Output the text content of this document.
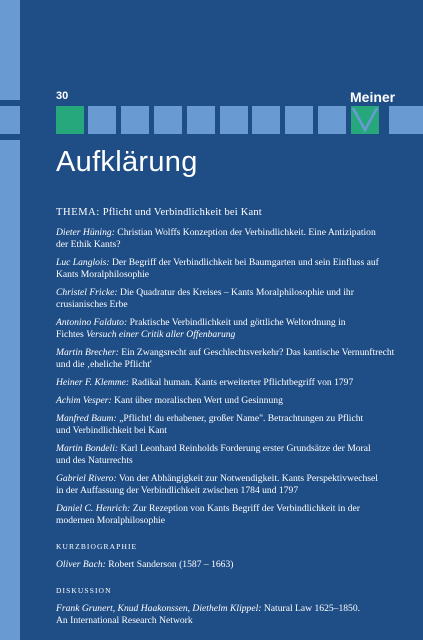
30	Meiner
Aufklärung
THEMA: Pflicht und Verbindlichkeit bei Kant
Dieter Hüning: Christian Wolffs Konzeption der Verbindlichkeit. Eine Antizipation
der Ethik Kants?
Luc Langlois: Der Begriff der Verbindlichkeit bei Baumgarten und sein Einfluss auf
Kants Moralphilosophie
Christel Fricke: Die Quadratur des Kreises – Kants Moralphilosophie und ihr
crusianisches Erbe
Antonino Falduto: Praktische Verbindlichkeit und göttliche Weltordnung in
Fichtes Versuch einer Critik aller Offenbarung
Martin Brecher: Ein Zwangsrecht auf Geschlechtsverkehr? Das kantische Vernunftrecht
und die ‚eheliche Pflicht'
Heiner F. Klemme: Radikal human. Kants erweiterter Pflichtbegriff von 1797
Achim Vesper: Kant über moralischen Wert und Gesinnung
Manfred Baum: „Pflicht! du erhabener, großer Name". Betrachtungen zu Pflicht
und Verbindlichkeit bei Kant
Martin Bondeli: Karl Leonhard Reinholds Forderung erster Grundsätze der Moral
und des Naturrechts
Gabriel Rivero: Von der Abhängigkeit zur Notwendigkeit. Kants Perspektivwechsel
in der Auffassung der Verbindlichkeit zwischen 1784 und 1797
Daniel C. Henrich: Zur Rezeption von Kants Begriff der Verbindlichkeit in der
modernen Moralphilosophie
KURZBIOGRAPHIE
Oliver Bach: Robert Sanderson (1587 – 1663)
DISKUSSION
Frank Grunert, Knud Haakonssen, Diethelm Klippel: Natural Law 1625–1850.
An International Research Network
